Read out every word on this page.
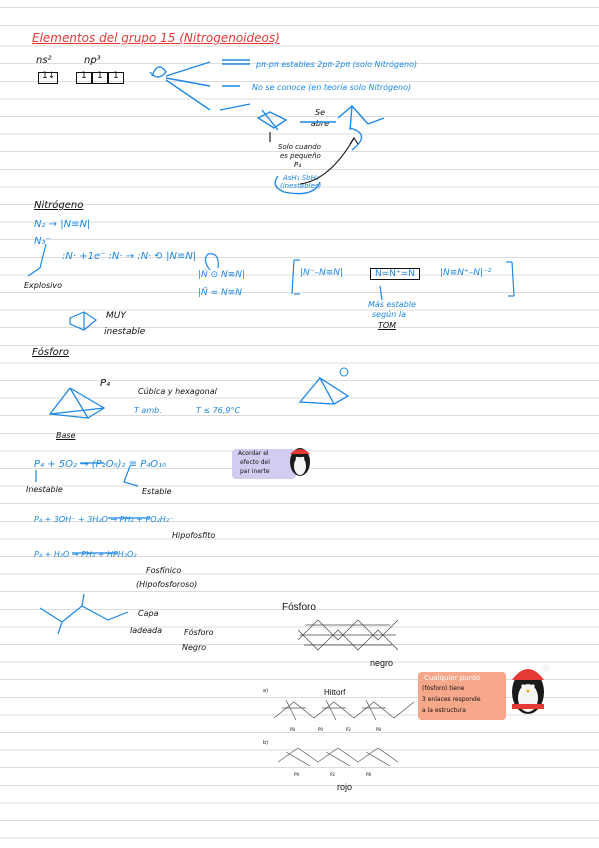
Elementos del grupo 15 (Nitrogenoideos)
ns²	np³
1↓	1 1 1
pπ-pπ estables 2pπ-2pπ (solo Nitrógeno)
No se conoce (en teoría solo Nitrógeno)
Se abre
Solo cuando
es pequeño
P₄
AsH₃ SbH₃
(inestables)
Nitrógeno
N₂ → |N≡N|
N₃⁻
:N· +1e⁻ :N· → :N· ⟲ |N≡N|
Explosivo
|N⁻–N≡N|	N=N⁺=N	|N≡N⁺–N|⁻²
|Ṅ ⊙ N≡N|
|N̄ = N≡N
Más estable
según la
TOM
MUY
inestable
Fósforo
P₄
Cúbica y hexagonal
T amb.	T ≤ 76,9°C
Base
P₄ + 5O₂ → (P₂O₅)₂ ≡ P₄O₁₀
Inestable	Estable
Acordar el
efecto del
par inerte
P₄ + 3OH⁻ + 3H₂O → PH₃ + PO₂H₂⁻
Hipofosfito
P₄ + H₂O → PH₃ + HPH₂O₂
Fosfínico
(Hipofosforoso)
Capa
ladeada	Fósforo
Negro
Fósforo
negro
a)	Hittorf
b)
rojo
P8	P9	P2	P8
P9	P2	P8
Cualquier punto
(fósforo) tiene
3 enlaces responde
a la estructura
